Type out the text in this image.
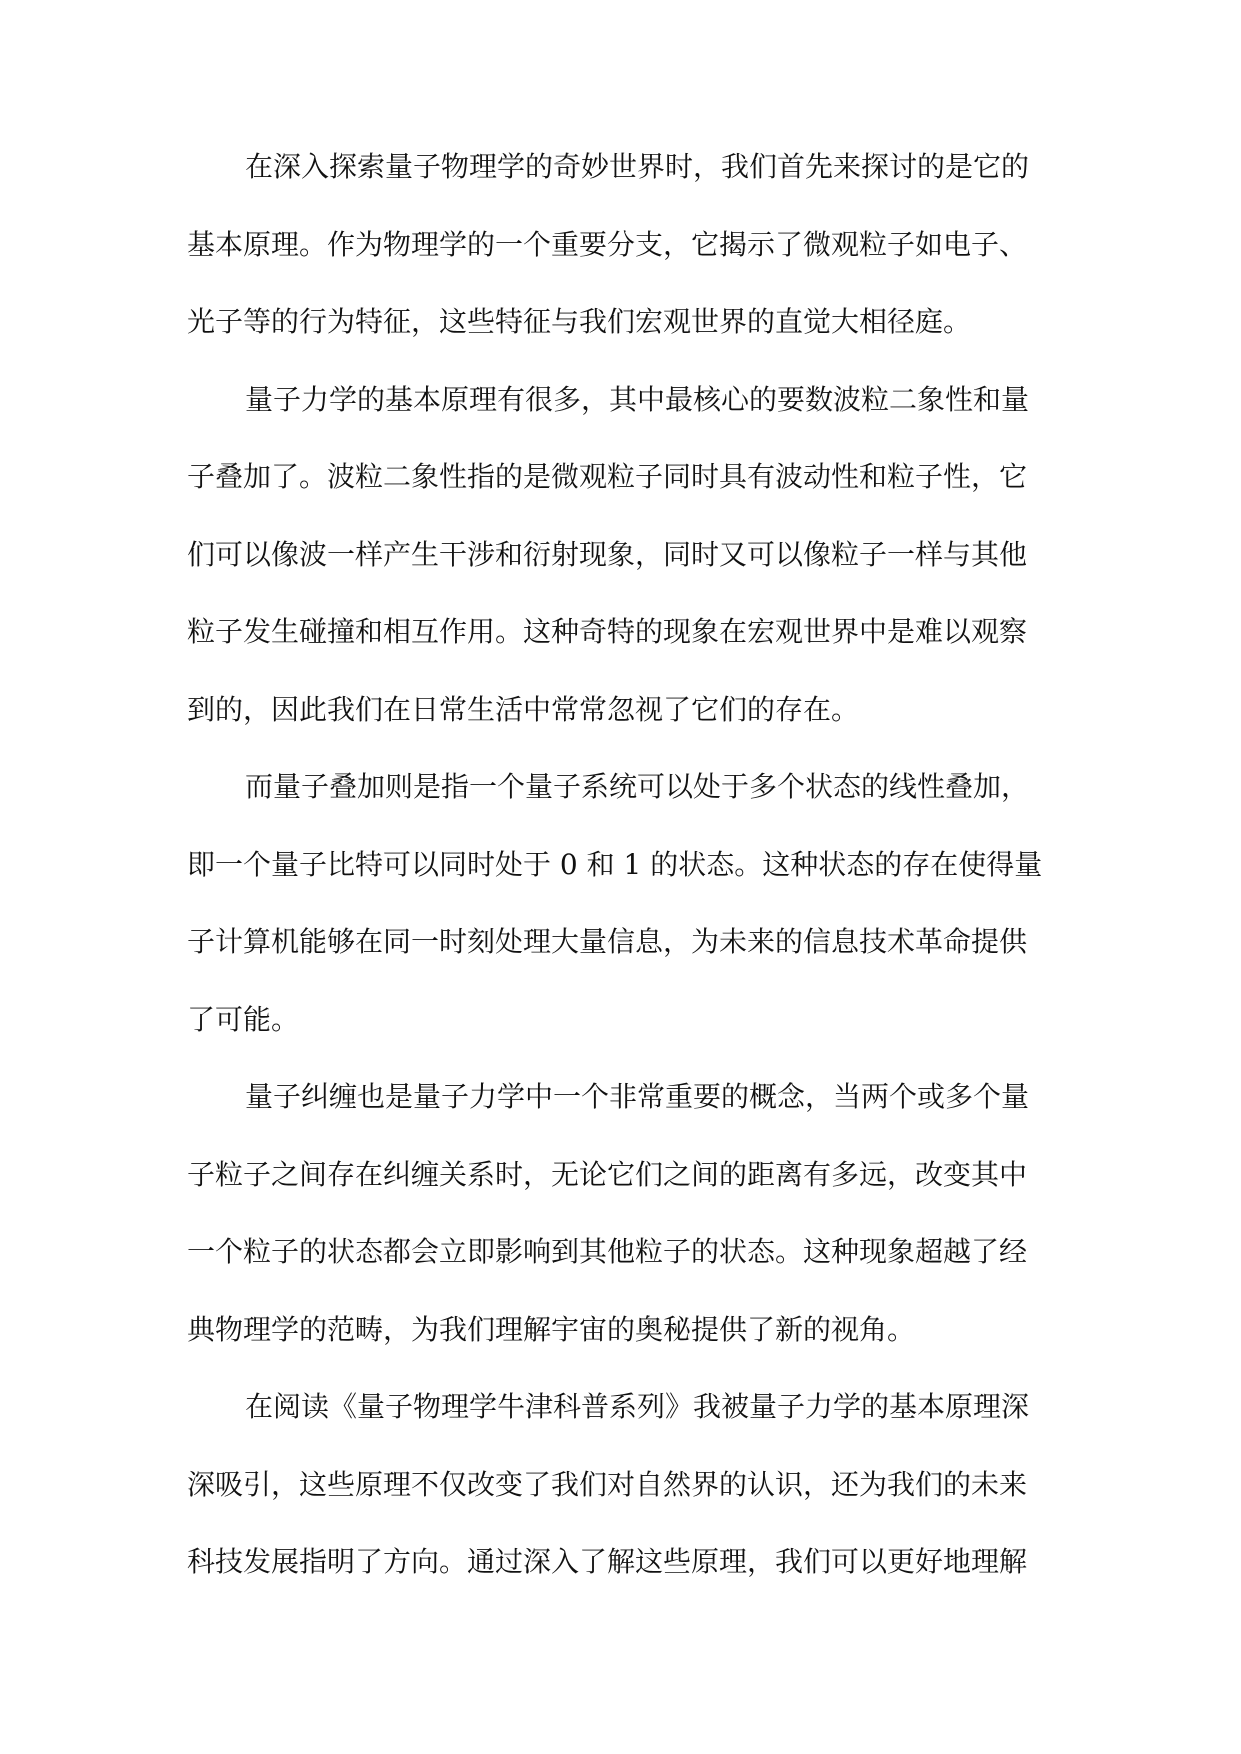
在深入探索量子物理学的奇妙世界时，我们首先来探讨的是它的
基本原理。作为物理学的一个重要分支，它揭示了微观粒子如电子、
光子等的行为特征，这些特征与我们宏观世界的直觉大相径庭。
量子力学的基本原理有很多，其中最核心的要数波粒二象性和量
子叠加了。波粒二象性指的是微观粒子同时具有波动性和粒子性，它
们可以像波一样产生干涉和衍射现象，同时又可以像粒子一样与其他
粒子发生碰撞和相互作用。这种奇特的现象在宏观世界中是难以观察
到的，因此我们在日常生活中常常忽视了它们的存在。
而量子叠加则是指一个量子系统可以处于多个状态的线性叠加，
即一个量子比特可以同时处于 0 和 1 的状态。这种状态的存在使得量
子计算机能够在同一时刻处理大量信息，为未来的信息技术革命提供
了可能。
量子纠缠也是量子力学中一个非常重要的概念，当两个或多个量
子粒子之间存在纠缠关系时，无论它们之间的距离有多远，改变其中
一个粒子的状态都会立即影响到其他粒子的状态。这种现象超越了经
典物理学的范畴，为我们理解宇宙的奥秘提供了新的视角。
在阅读《量子物理学牛津科普系列》我被量子力学的基本原理深
深吸引，这些原理不仅改变了我们对自然界的认识，还为我们的未来
科技发展指明了方向。通过深入了解这些原理，我们可以更好地理解
